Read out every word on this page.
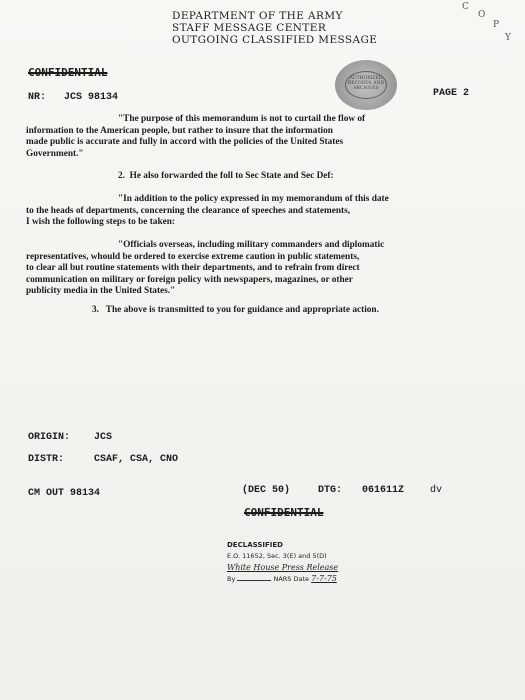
DEPARTMENT OF THE ARMY
STAFF MESSAGE CENTER
OUTGOING CLASSIFIED MESSAGE
C
O
P
Y
CONFIDENTIAL
NR: JCS 98134	PAGE 2
AUTHORIZED RECORDS AND ARCHIVES
"The purpose of this memorandum is not to curtail the flow of
information to the American people, but rather to insure that the information
made public is accurate and fully in accord with the policies of the United States
Government."
2.  He also forwarded the foll to Sec State and Sec Def:
"In addition to the policy expressed in my memorandum of this date
to the heads of departments, concerning the clearance of speeches and statements,
I wish the following steps to be taken:
"Officials overseas, including military commanders and diplomatic
representatives, whould be ordered to exercise extreme caution in public statements,
to clear all but routine statements with their departments, and to refrain from direct
communication on military or foreign policy with newspapers, magazines, or other
publicity media in the United States."
3.   The above is transmitted to you for guidance and appropriate action.
ORIGIN: JCS
DISTR:	CSAF, CSA, CNO
CM OUT 98134	(DEC 50)	DTG: 061611Z	dv
CONFIDENTIAL
DECLASSIFIED
E.O. 11652, Sec. 3(E) and 5(D)
White House Press Release
By	NARS Date 7-7-75
